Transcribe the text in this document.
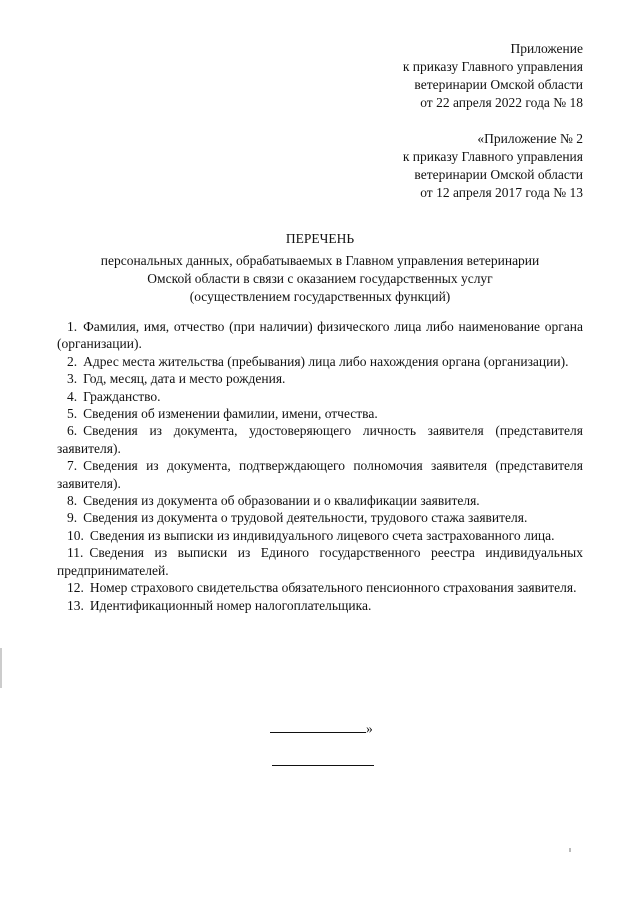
Приложение
к приказу Главного управления
ветеринарии Омской области
от 22 апреля 2022 года № 18
«Приложение № 2
к приказу Главного управления
ветеринарии Омской области
от 12 апреля 2017 года № 13
ПЕРЕЧЕНЬ
персональных данных, обрабатываемых в Главном управления ветеринарии
Омской области в связи с оказанием государственных услуг
(осуществлением государственных функций)

1. Фамилия, имя, отчество (при наличии) физического лица либо наименование органа (организации).

2. Адрес места жительства (пребывания) лица либо нахождения органа (организации).

3. Год, месяц, дата и место рождения.

4. Гражданство.

5. Сведения об изменении фамилии, имени, отчества.

6. Сведения из документа, удостоверяющего личность заявителя (представителя заявителя).

7. Сведения из документа, подтверждающего полномочия заявителя (представителя заявителя).

8. Сведения из документа об образовании и о квалификации заявителя.

9. Сведения из документа о трудовой деятельности, трудового стажа заявителя.

10. Сведения из выписки из индивидуального лицевого счета застрахованного лица.

11. Сведения из выписки из Единого государственного реестра индивидуальных предпринимателей.

12. Номер страхового свидетельства обязательного пенсионного страхования заявителя.

13. Идентификационный номер налогоплательщика.

»
